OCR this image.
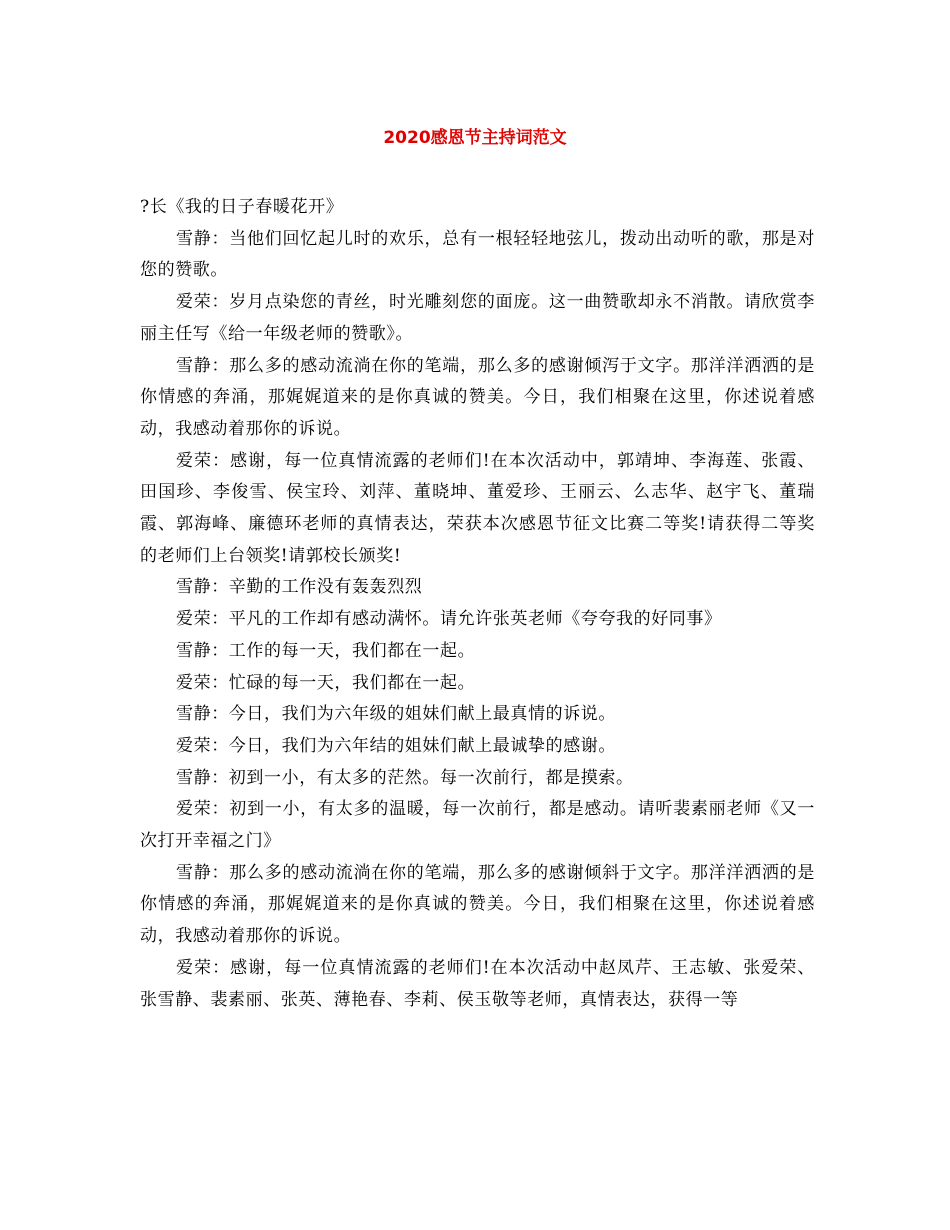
2020感恩节主持词范文

?长《我的日子春暖花开》

雪静：当他们回忆起儿时的欢乐，总有一根轻轻地弦儿，拨动出动听的歌，那是对您的赞歌。

爱荣：岁月点染您的青丝，时光雕刻您的面庞。这一曲赞歌却永不消散。请欣赏李丽主任写《给一年级老师的赞歌》。

雪静：那么多的感动流淌在你的笔端，那么多的感谢倾泻于文字。那洋洋洒洒的是你情感的奔涌，那娓娓道来的是你真诚的赞美。今日，我们相聚在这里，你述说着感动，我感动着那你的诉说。

爱荣：感谢，每一位真情流露的老师们!在本次活动中，郭靖坤、李海莲、张霞、田国珍、李俊雪、侯宝玲、刘萍、董晓坤、董爱珍、王丽云、么志华、赵宇飞、董瑞霞、郭海峰、廉德环老师的真情表达，荣获本次感恩节征文比赛二等奖!请获得二等奖的老师们上台领奖!请郭校长颁奖!

雪静：辛勤的工作没有轰轰烈烈

爱荣：平凡的工作却有感动满怀。请允许张英老师《夸夸我的好同事》

雪静：工作的每一天，我们都在一起。

爱荣：忙碌的每一天，我们都在一起。

雪静：今日，我们为六年级的姐妹们献上最真情的诉说。

爱荣：今日，我们为六年结的姐妹们献上最诚挚的感谢。

雪静：初到一小，有太多的茫然。每一次前行，都是摸索。

爱荣：初到一小，有太多的温暖，每一次前行，都是感动。请听裴素丽老师《又一次打开幸福之门》

雪静：那么多的感动流淌在你的笔端，那么多的感谢倾斜于文字。那洋洋洒洒的是你情感的奔涌，那娓娓道来的是你真诚的赞美。今日，我们相聚在这里，你述说着感动，我感动着那你的诉说。

爱荣：感谢，每一位真情流露的老师们!在本次活动中赵凤芹、王志敏、张爱荣、张雪静、裴素丽、张英、薄艳春、李莉、侯玉敬等老师，真情表达，获得一等
